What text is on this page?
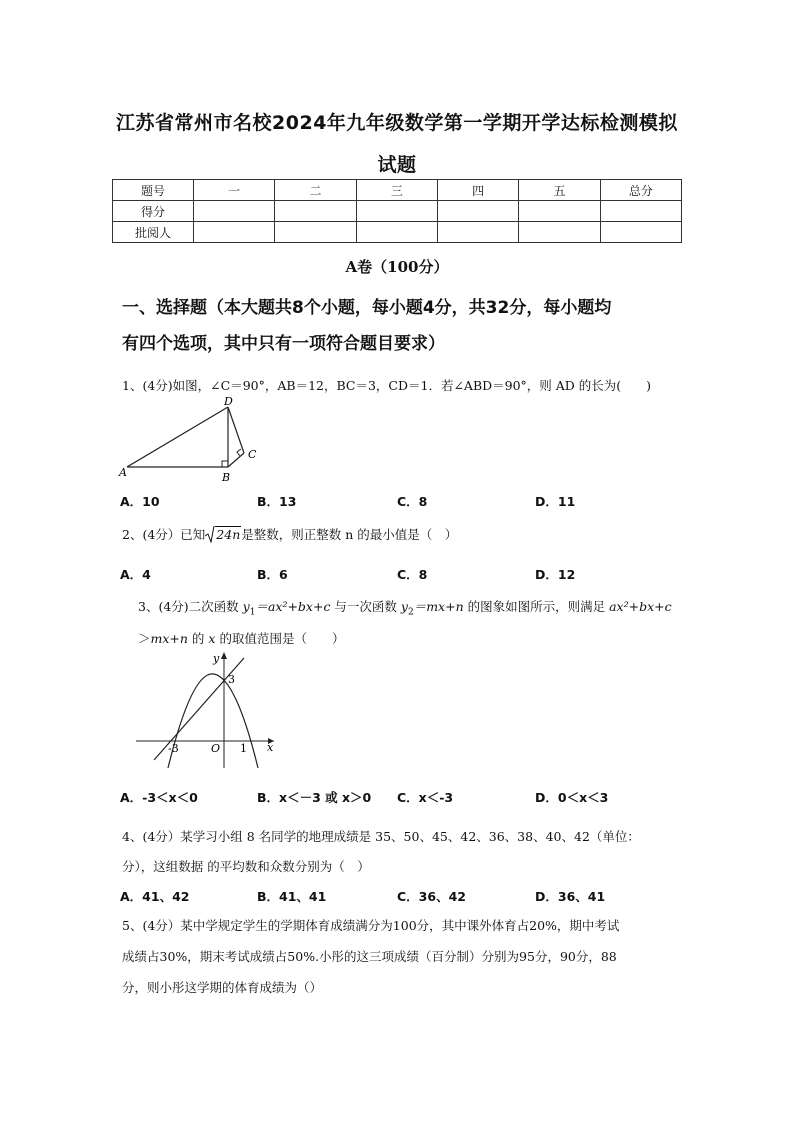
江苏省常州市名校2024年九年级数学第一学期开学达标检测模拟
试题
题号	一	二	三	四	五	总分
得分						
批阅人						
A卷（100分）
一、选择题（本大题共8个小题，每小题4分，共32分，每小题均
有四个选项，其中只有一项符合题目要求）
1、(4分)如图，∠C＝90°，AB＝12，BC＝3，CD＝1．若∠ABD＝90°，则 AD 的长为(　　)
A	B
C
D
A．10	B．13	C．8	D．11
2、(4分）已知 24n是整数，则正整数 n 的最小值是（　）
A．4	B．6	C．8	D．12
3、(4分)二次函数 $y_1=ax^2+bx+c$ 与一次函数 $y_2=mx+n$ 的图象如图所示，则满足 ax²+bx+c
＞mx+n 的 x 的取值范围是（　　）
y
x
O
3
-3	1
A．-3＜x＜0	B．x＜－3 或 x＞0 C．x＜-3	D．0＜x＜3
4、(4分）某学习小组 8 名同学的地理成绩是 35、50、45、42、36、38、40、42（单位：
分），这组数据 的平均数和众数分别为（　）
A．41、42	B．41、41	C．36、42	D．36、41
5、(4分）某中学规定学生的学期体育成绩满分为100分，其中课外体育占20%，期中考试
成绩占30%，期末考试成绩占50%.小彤的这三项成绩（百分制）分别为95分，90分，88
分，则小彤这学期的体育成绩为（）
